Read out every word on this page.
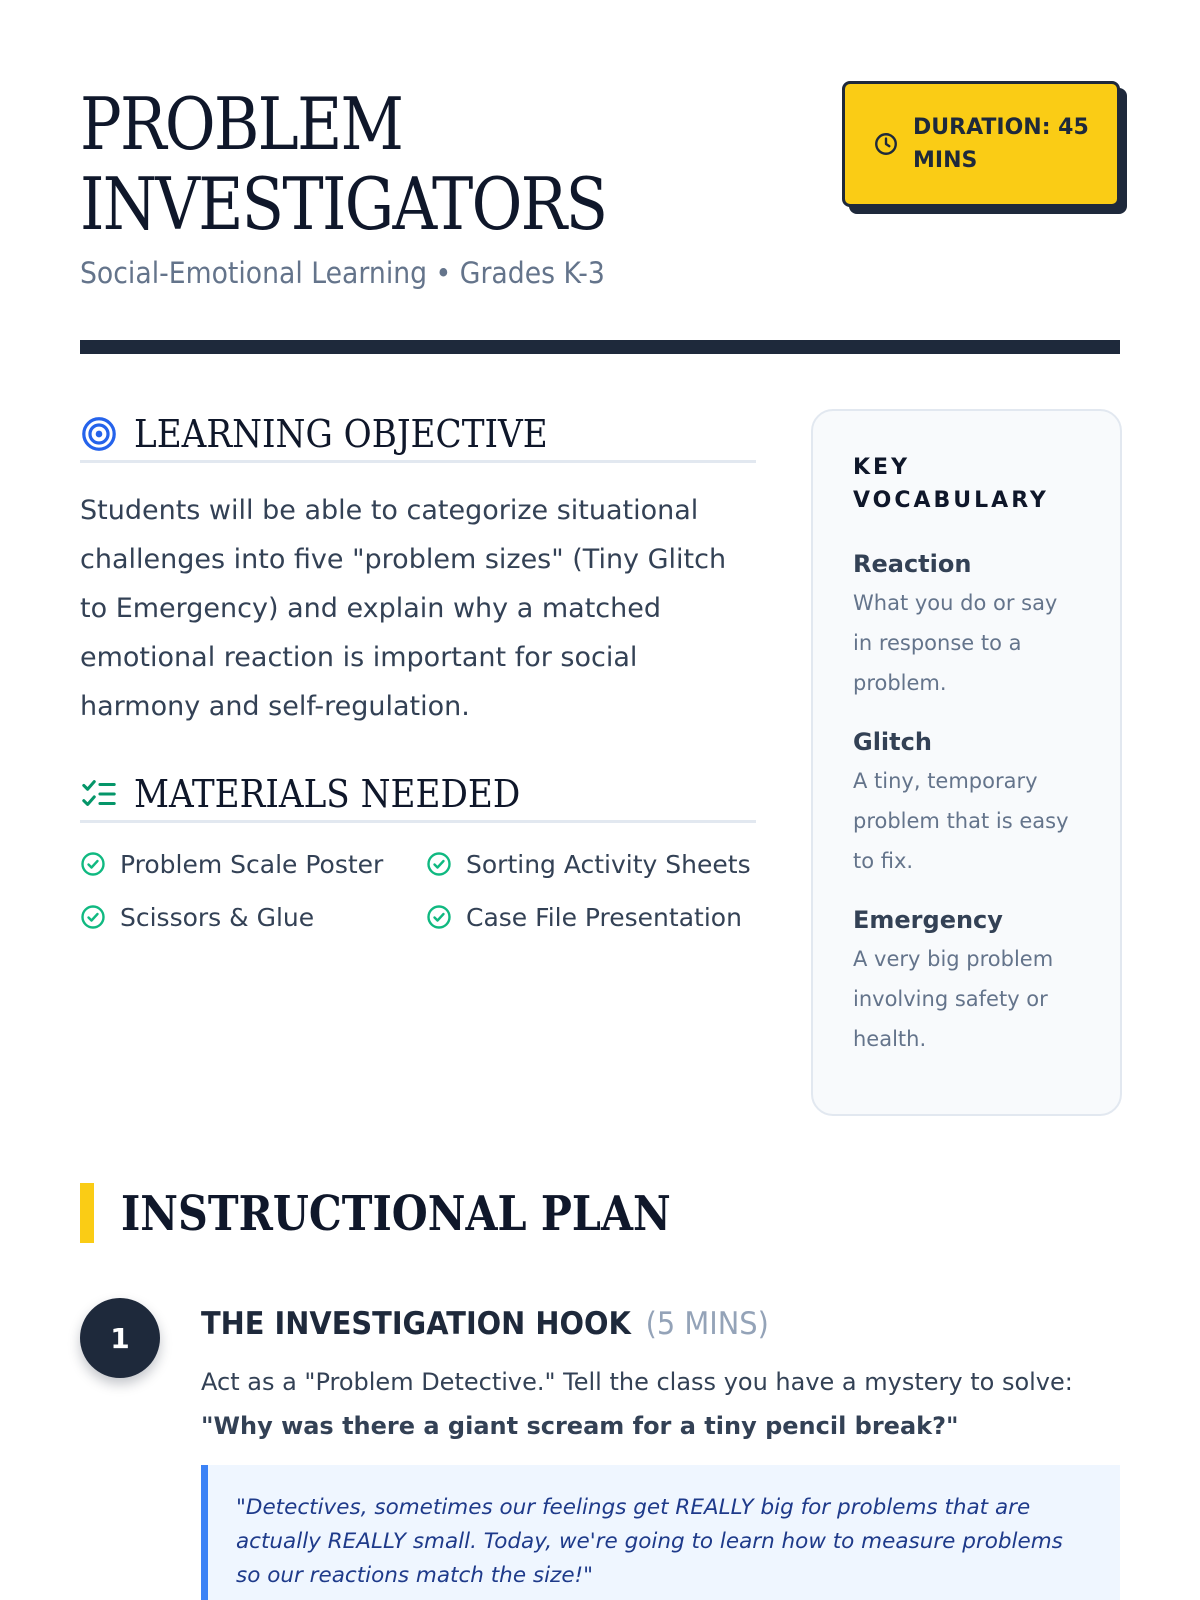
PROBLEM
INVESTIGATORS
Social-Emotional Learning • Grades K-3
DURATION: 45 MINS
LEARNING OBJECTIVE

Students will be able to categorize situational challenges into five "problem sizes" (Tiny Glitch to Emergency) and explain why a matched emotional reaction is important for social harmony and self-regulation.

MATERIALS NEEDED
Problem Scale Poster	Sorting Activity Sheets
Scissors & Glue	Case File Presentation
KEY VOCABULARY
Reaction
What you do or say in response to a problem.
Glitch
A tiny, temporary problem that is easy to fix.
Emergency
A very big problem involving safety or health.
INSTRUCTIONAL PLAN
1	THE INVESTIGATION HOOK (5 MINS)
Act as a "Problem Detective." Tell the class you have a mystery to solve:
"Why was there a giant scream for a tiny pencil break?"

"Detectives, sometimes our feelings get REALLY big for problems that are actually REALLY small. Today, we're going to learn how to measure problems so our reactions match the size!"
